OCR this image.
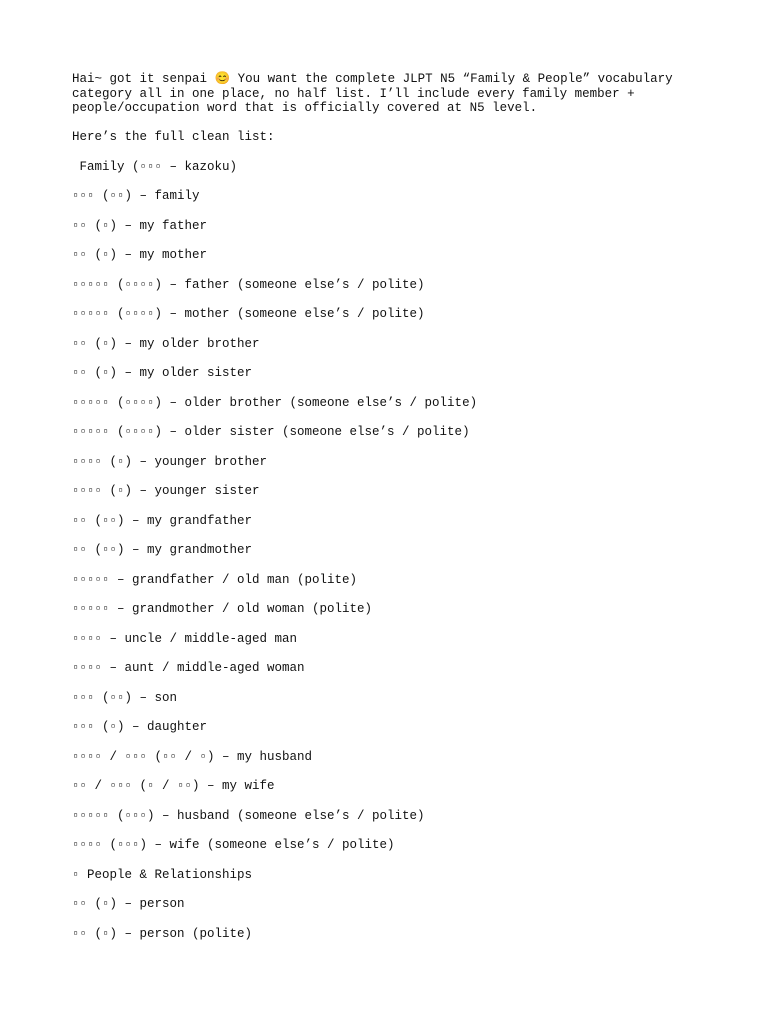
Hai~ got it senpai 😊 You want the complete JLPT N5 “Family & People” vocabulary
category all in one place, no half list. I’ll include every family member +
people/occupation word that is officially covered at N5 level.
Here’s the full clean list:
Family (▫▫▫ – kazoku)
▫▫▫ (▫▫) – family
▫▫ (▫) – my father
▫▫ (▫) – my mother
▫▫▫▫▫ (▫▫▫▫) – father (someone else’s / polite)
▫▫▫▫▫ (▫▫▫▫) – mother (someone else’s / polite)
▫▫ (▫) – my older brother
▫▫ (▫) – my older sister
▫▫▫▫▫ (▫▫▫▫) – older brother (someone else’s / polite)
▫▫▫▫▫ (▫▫▫▫) – older sister (someone else’s / polite)
▫▫▫▫ (▫) – younger brother
▫▫▫▫ (▫) – younger sister
▫▫ (▫▫) – my grandfather
▫▫ (▫▫) – my grandmother
▫▫▫▫▫ – grandfather / old man (polite)
▫▫▫▫▫ – grandmother / old woman (polite)
▫▫▫▫ – uncle / middle-aged man
▫▫▫▫ – aunt / middle-aged woman
▫▫▫ (▫▫) – son
▫▫▫ (▫) – daughter
▫▫▫▫ / ▫▫▫ (▫▫ / ▫) – my husband
▫▫ / ▫▫▫ (▫ / ▫▫) – my wife
▫▫▫▫▫ (▫▫▫) – husband (someone else’s / polite)
▫▫▫▫ (▫▫▫) – wife (someone else’s / polite)
▫ People & Relationships
▫▫ (▫) – person
▫▫ (▫) – person (polite)
